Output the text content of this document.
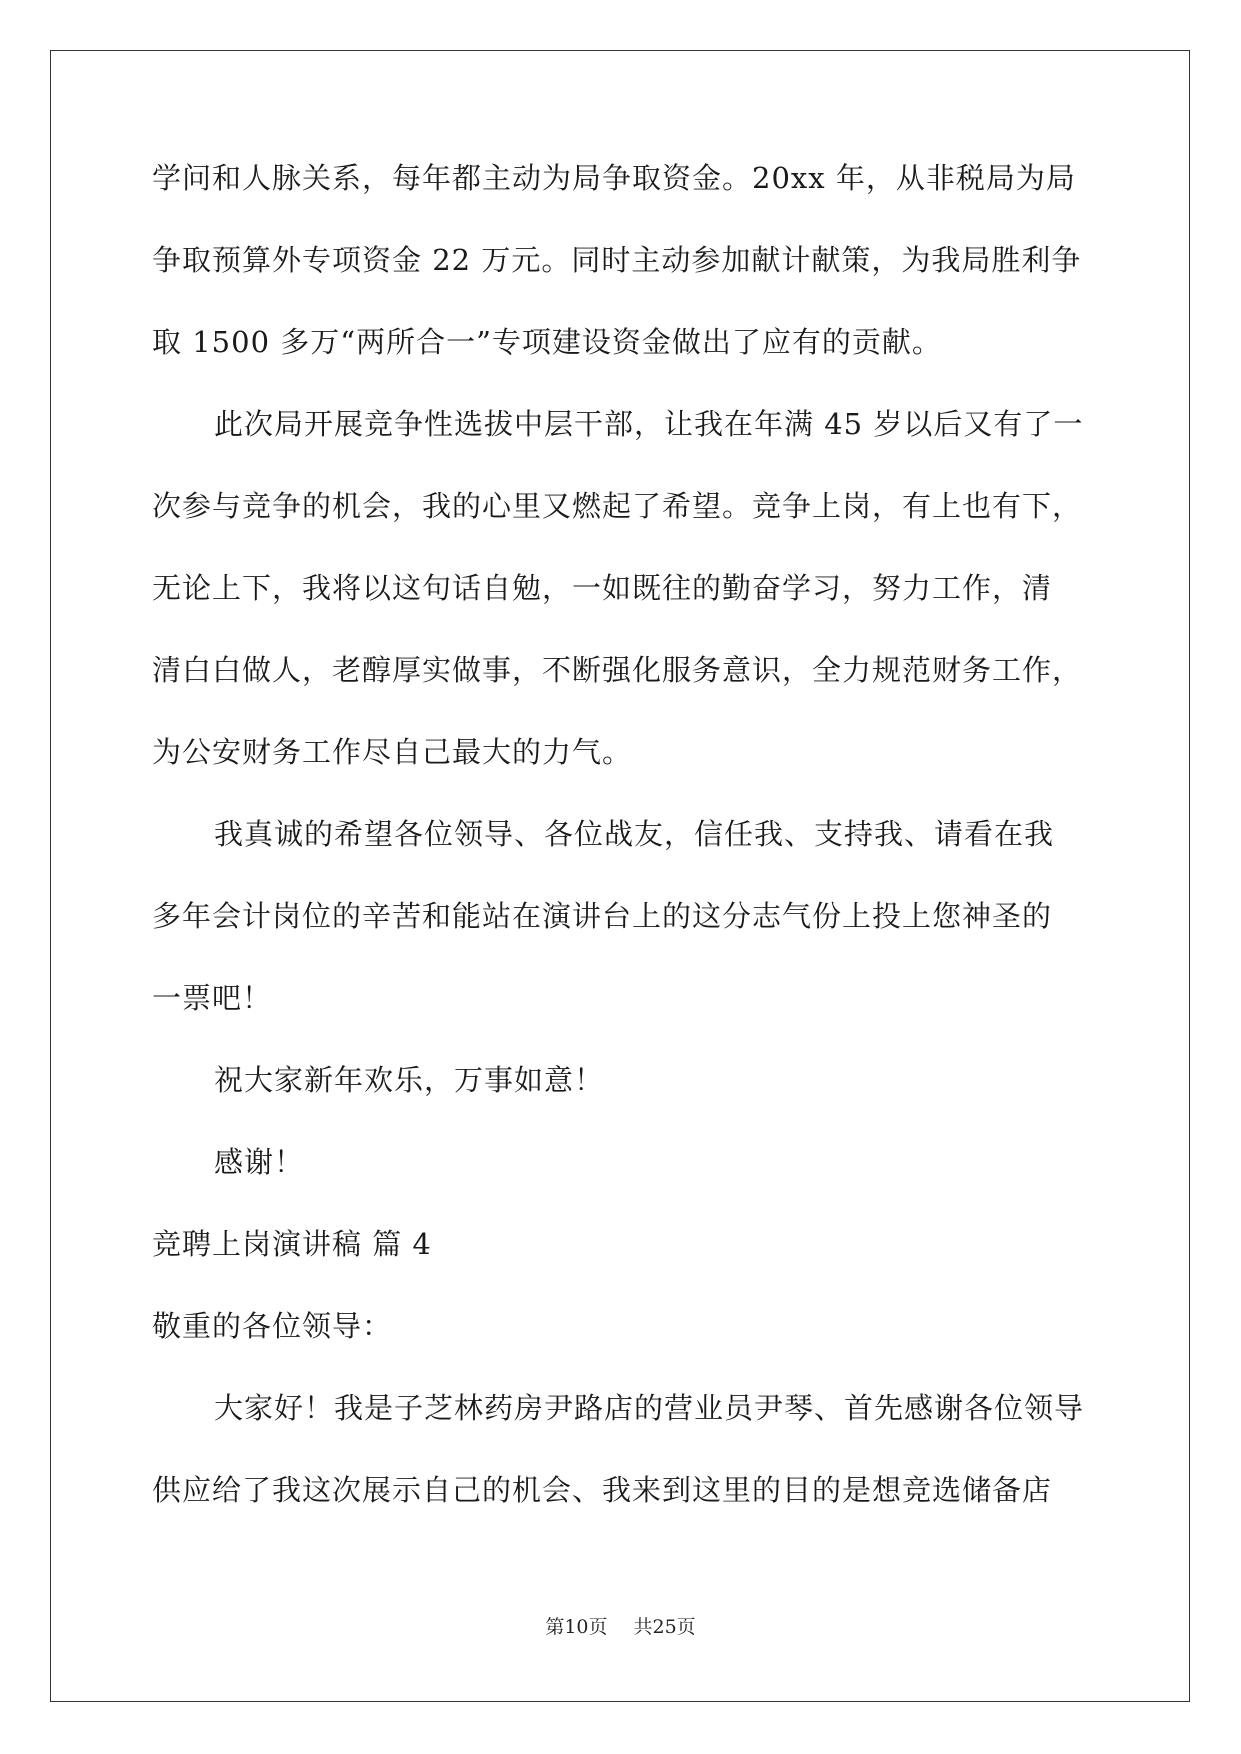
学问和人脉关系，每年都主动为局争取资金。20xx 年，从非税局为局
争取预算外专项资金 22 万元。同时主动参加献计献策，为我局胜利争
取 1500 多万“两所合一”专项建设资金做出了应有的贡献。
此次局开展竞争性选拔中层干部，让我在年满 45 岁以后又有了一
次参与竞争的机会，我的心里又燃起了希望。竞争上岗，有上也有下，
无论上下，我将以这句话自勉，一如既往的勤奋学习，努力工作，清
清白白做人，老醇厚实做事，不断强化服务意识，全力规范财务工作，
为公安财务工作尽自己最大的力气。
我真诚的希望各位领导、各位战友，信任我、支持我、请看在我
多年会计岗位的辛苦和能站在演讲台上的这分志气份上投上您神圣的
一票吧！
祝大家新年欢乐，万事如意！
感谢！
竞聘上岗演讲稿 篇 4
敬重的各位领导：
大家好！我是子芝林药房尹路店的营业员尹琴、首先感谢各位领导
供应给了我这次展示自己的机会、我来到这里的目的是想竞选储备店
第10页 共25页
